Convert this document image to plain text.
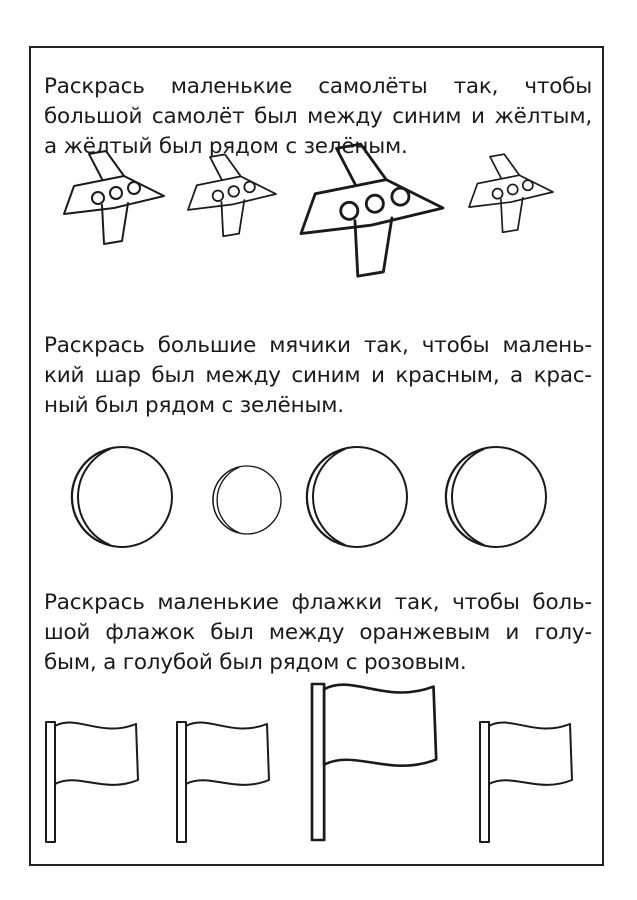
Раскрась маленькие самолёты так, чтобы
большой самолёт был между синим и жёлтым,
а жёлтый был рядом с зелёным.
Раскрась большие мячики так, чтобы малень-
кий шар был между синим и красным, а крас-
ный был рядом с зелёным.
Раскрась маленькие флажки так, чтобы боль-
шой флажок был между оранжевым и голу-
бым, а голубой был рядом с розовым.
